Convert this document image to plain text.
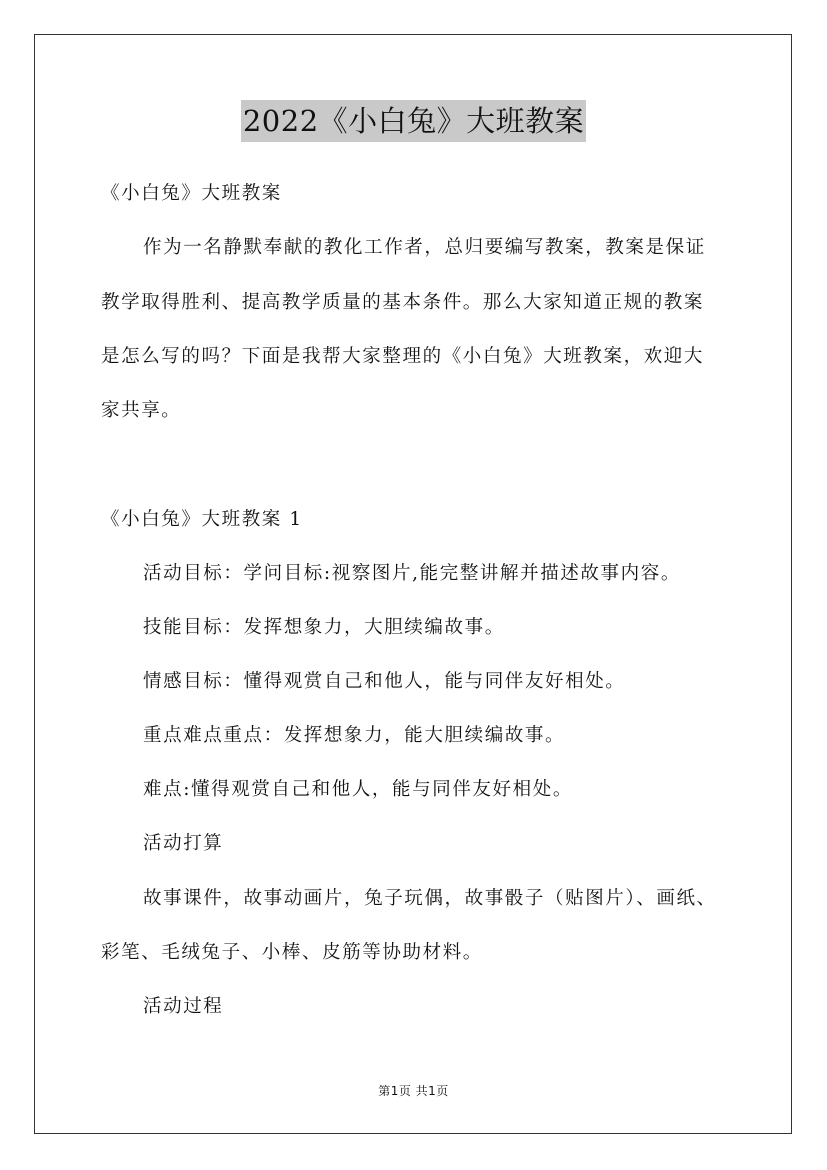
2022《小白兔》大班教案
《小白兔》大班教案
作为一名静默奉献的教化工作者，总归要编写教案，教案是保证
教学取得胜利、提高教学质量的基本条件。那么大家知道正规的教案
是怎么写的吗？下面是我帮大家整理的《小白兔》大班教案，欢迎大
家共享。
《小白兔》大班教案 1
活动目标：学问目标:视察图片,能完整讲解并描述故事内容。
技能目标：发挥想象力，大胆续编故事。
情感目标：懂得观赏自己和他人，能与同伴友好相处。
重点难点重点：发挥想象力，能大胆续编故事。
难点:懂得观赏自己和他人，能与同伴友好相处。
活动打算
故事课件，故事动画片，兔子玩偶，故事骰子（贴图片）、画纸、
彩笔、毛绒兔子、小棒、皮筋等协助材料。
活动过程
第1页 共1页
